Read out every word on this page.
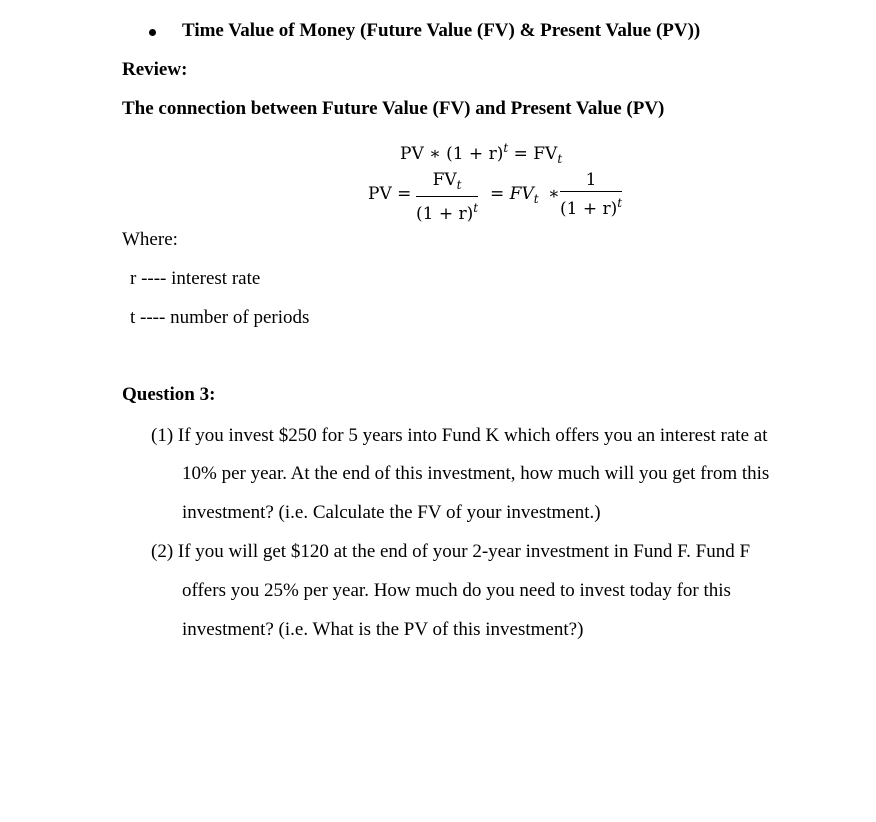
Time Value of Money (Future Value (FV) & Present Value (PV))
Review:
The connection between Future Value (FV) and Present Value (PV)
PV ∗ $(1 + r)^t = FV_t$
PV =
$FV_t$
$(1 + r)^t$
= $FV_t$ ∗
1
$(1 + r)^t$
Where:
r ---- interest rate
t ---- number of periods
Question 3:
(1) If you invest $250 for 5 years into Fund K which offers you an interest rate at
10% per year. At the end of this investment, how much will you get from this
investment? (i.e. Calculate the FV of your investment.)
(2) If you will get $120 at the end of your 2-year investment in Fund F. Fund F
offers you 25% per year. How much do you need to invest today for this
investment? (i.e. What is the PV of this investment?)
